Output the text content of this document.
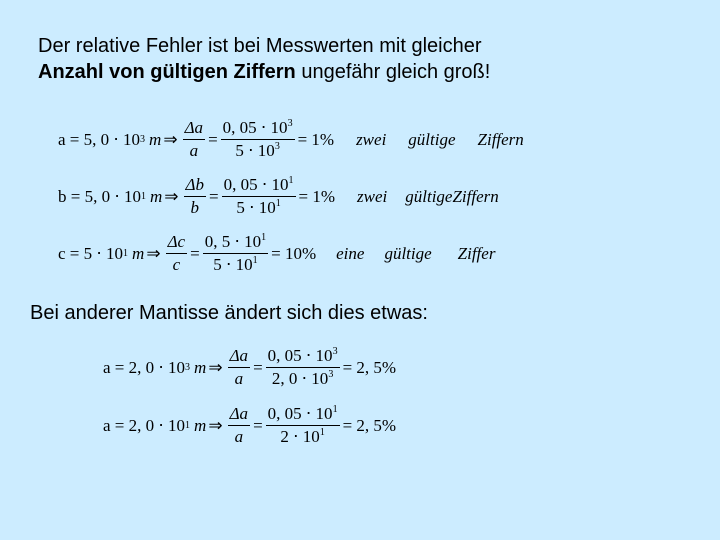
Der relative Fehler ist bei Messwerten mit gleicher
Anzahl von gültigen Ziffern ungefähr gleich groß!

a = 5, 0 ⋅ 10 3 m ⇒ $\frac{\Delta a}{a} = \frac{0, 05 \cdot 10^3}{5 \cdot 10^3} = 1\%$	zwei gültige Ziffern
b = 5, 0 ⋅ 10 1 m ⇒ $\frac{\Delta b}{b} = \frac{0, 05 \cdot 10^1}{5 \cdot 10^1} = 1\%$	zwei gültigeZiffern
c = 5 ⋅ 10 1 m ⇒ $\frac{\Delta c}{c} = \frac{0, 5 \cdot 10^1}{5 \cdot 10^1} = 10\%$	eine gültige Ziffer

Bei anderer Mantisse ändert sich dies etwas:

a = 2, 0 ⋅ 10 3 m ⇒ $\frac{\Delta a}{a} = \frac{0, 05 \cdot 10^3}{2, 0 \cdot 10^3} = 2$, 5%
a = 2, 0 ⋅ 10 1 m ⇒ $\frac{\Delta a}{a} = \frac{0, 05 \cdot 10^1}{2 \cdot 10^1} = 2$, 5%
